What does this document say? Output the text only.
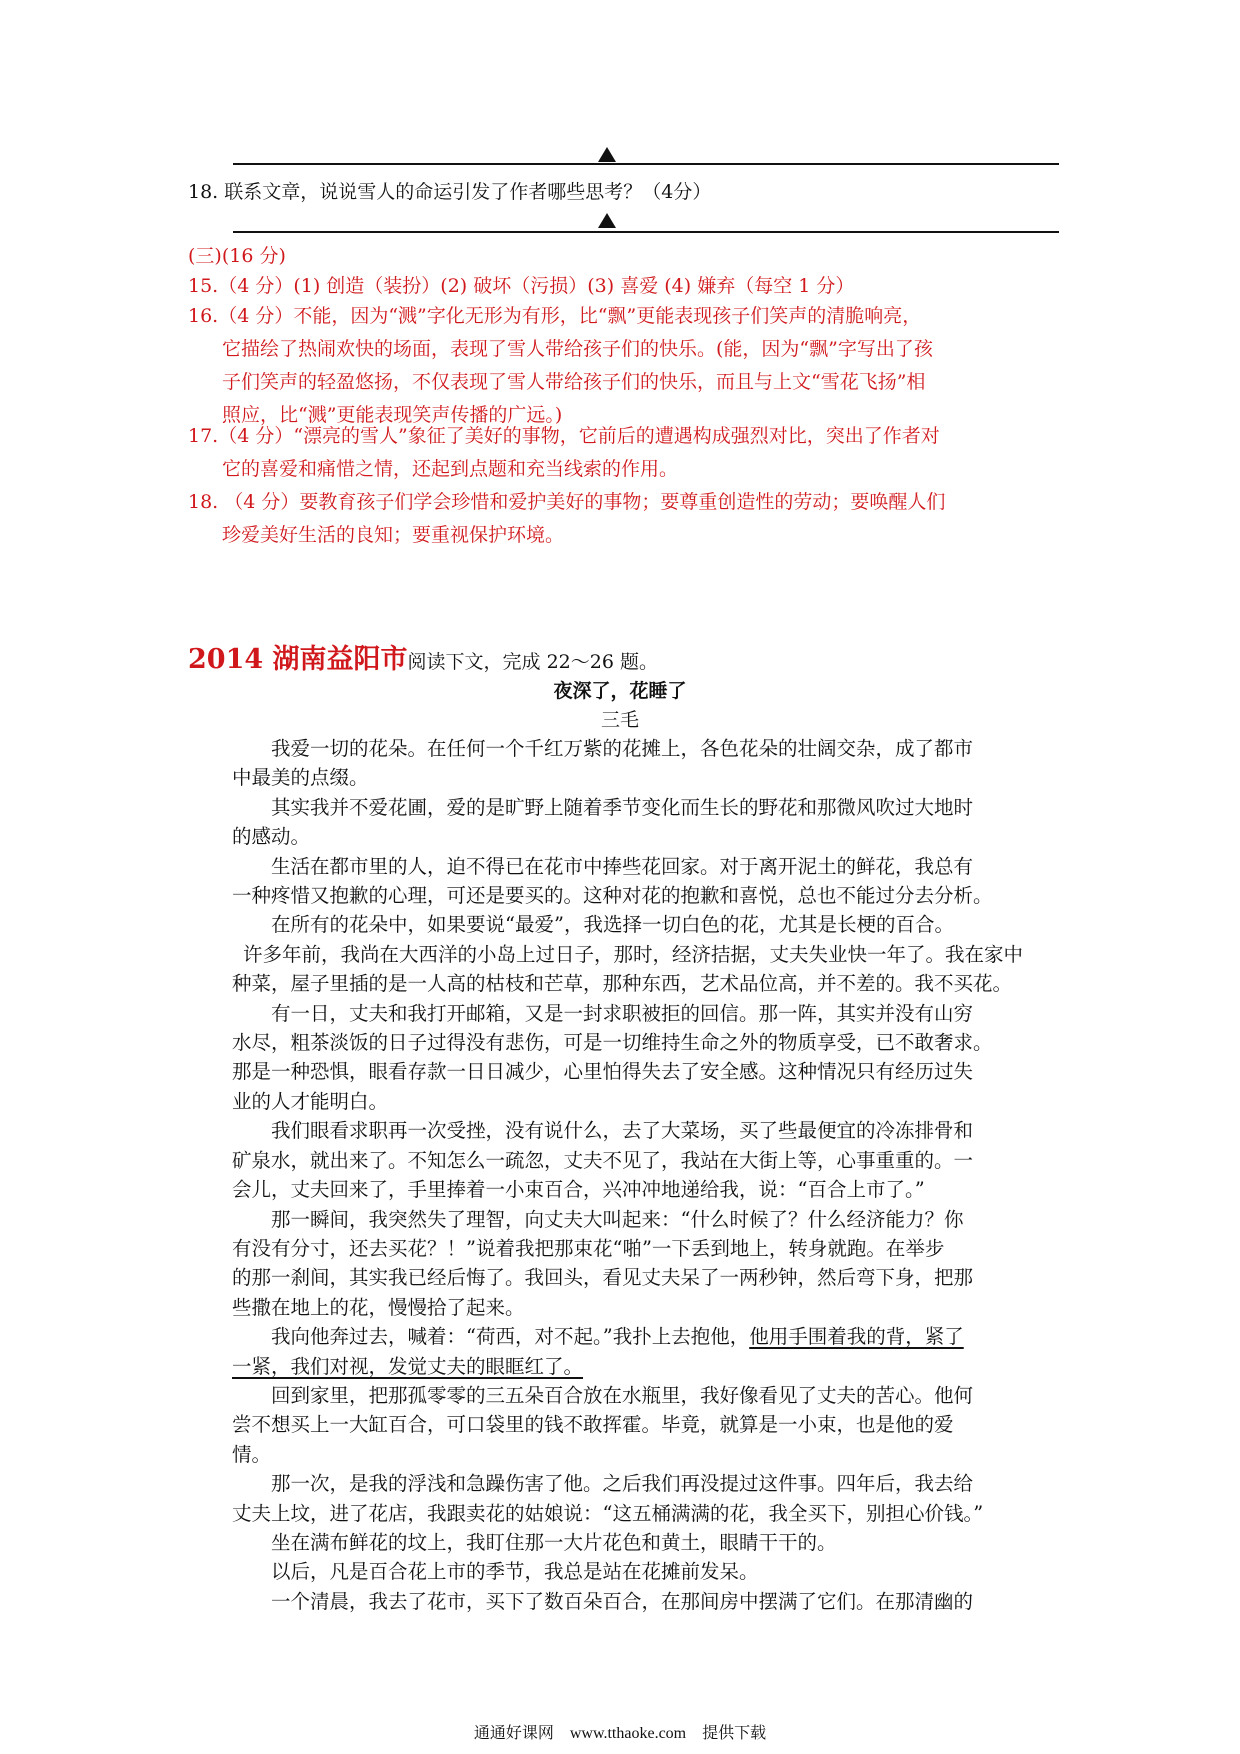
18. 联系文章，说说雪人的命运引发了作者哪些思考？（4分）
(三)(16 分)
15.（4 分）(1) 创造（装扮）(2) 破坏（污损）(3) 喜爱 (4) 嫌弃（每空 1 分）
16.（4 分）不能，因为“溅”字化无形为有形，比“飘”更能表现孩子们笑声的清脆响亮，
它描绘了热闹欢快的场面，表现了雪人带给孩子们的快乐。(能，因为“飘”字写出了孩
子们笑声的轻盈悠扬，不仅表现了雪人带给孩子们的快乐，而且与上文“雪花飞扬”相
照应，比“溅”更能表现笑声传播的广远。)
17.（4 分）“漂亮的雪人”象征了美好的事物，它前后的遭遇构成强烈对比，突出了作者对
它的喜爱和痛惜之情，还起到点题和充当线索的作用。
18. （4 分）要教育孩子们学会珍惜和爱护美好的事物；要尊重创造性的劳动；要唤醒人们
珍爱美好生活的良知；要重视保护环境。
2014 湖南益阳市阅读下文，完成 22～26 题。
夜深了，花睡了
三毛

　　我爱一切的花朵。在任何一个千红万紫的花摊上，各色花朵的壮阔交杂，成了都市

中最美的点缀。

　　其实我并不爱花圃，爱的是旷野上随着季节变化而生长的野花和那微风吹过大地时

的感动。

　　生活在都市里的人，迫不得已在花市中捧些花回家。对于离开泥土的鲜花，我总有

一种疼惜又抱歉的心理，可还是要买的。这种对花的抱歉和喜悦，总也不能过分去分析。

　　在所有的花朵中，如果要说“最爱”，我选择一切白色的花，尤其是长梗的百合。

　　许多年前，我尚在大西洋的小岛上过日子，那时，经济拮据，丈夫失业快一年了。我在家中

种菜，屋子里插的是一人高的枯枝和芒草，那种东西，艺术品位高，并不差的。我不买花。

　　有一日，丈夫和我打开邮箱，又是一封求职被拒的回信。那一阵，其实并没有山穷

水尽，粗茶淡饭的日子过得没有悲伤，可是一切维持生命之外的物质享受，已不敢奢求。

那是一种恐惧，眼看存款一日日减少，心里怕得失去了安全感。这种情况只有经历过失

业的人才能明白。

　　我们眼看求职再一次受挫，没有说什么，去了大菜场，买了些最便宜的冷冻排骨和

矿泉水，就出来了。不知怎么一疏忽，丈夫不见了，我站在大街上等，心事重重的。一

会儿，丈夫回来了，手里捧着一小束百合，兴冲冲地递给我，说：“百合上市了。”

　　那一瞬间，我突然失了理智，向丈夫大叫起来：“什么时候了？什么经济能力？你

有没有分寸，还去买花？！”说着我把那束花“啪”一下丢到地上，转身就跑。在举步

的那一刹间，其实我已经后悔了。我回头，看见丈夫呆了一两秒钟，然后弯下身，把那

些撒在地上的花，慢慢拾了起来。

　　我向他奔过去，喊着：“荷西，对不起。”我扑上去抱他，他用手围着我的背，紧了

一紧，我们对视，发觉丈夫的眼眶红了。

　　回到家里，把那孤零零的三五朵百合放在水瓶里，我好像看见了丈夫的苦心。他何

尝不想买上一大缸百合，可口袋里的钱不敢挥霍。毕竟，就算是一小束，也是他的爱

情。

　　那一次，是我的浮浅和急躁伤害了他。之后我们再没提过这件事。四年后，我去给

丈夫上坟，进了花店，我跟卖花的姑娘说：“这五桶满满的花，我全买下，别担心价钱。”

　　坐在满布鲜花的坟上，我盯住那一大片花色和黄土，眼睛干干的。

　　以后，凡是百合花上市的季节，我总是站在花摊前发呆。

　　一个清晨，我去了花市，买下了数百朵百合，在那间房中摆满了它们。在那清幽的

通通好课网　www.tthaoke.com　提供下载
